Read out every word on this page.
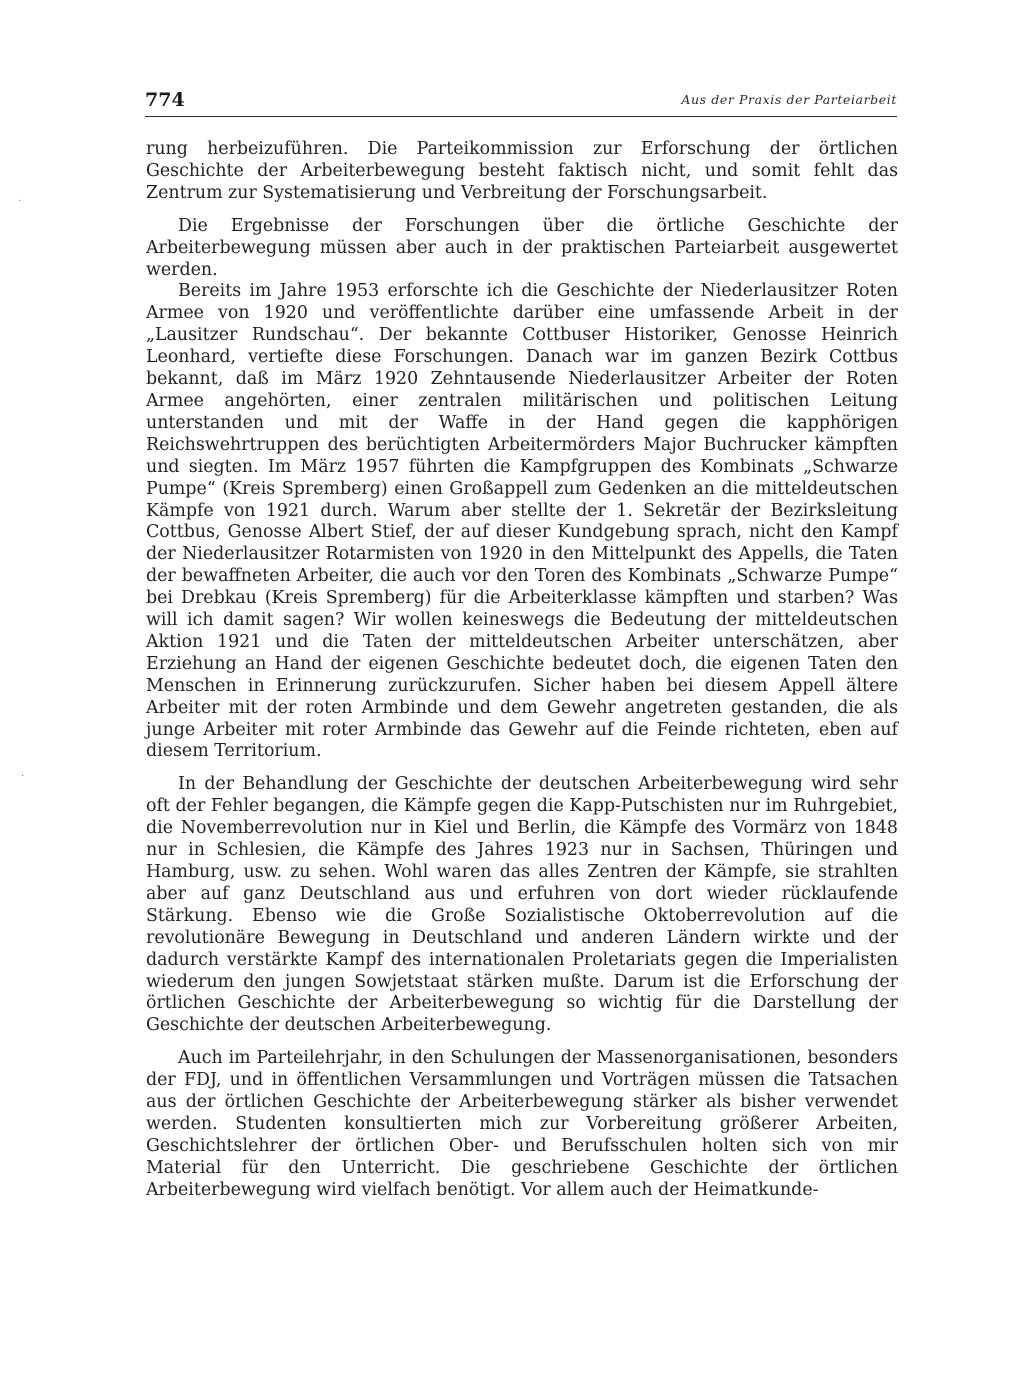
774	Aus der Praxis der Parteiarbeit
·
·

rung herbeizuführen. Die Parteikommission zur Erforschung der örtlichen Geschichte der Arbeiterbewegung besteht faktisch nicht, und somit fehlt das Zentrum zur Systematisierung und Verbreitung der Forschungsarbeit.

Die Ergebnisse der Forschungen über die örtliche Geschichte der Arbeiterbewegung müssen aber auch in der praktischen Parteiarbeit ausgewertet werden.

Bereits im Jahre 1953 erforschte ich die Geschichte der Niederlausitzer Roten Armee von 1920 und veröffentlichte darüber eine umfassende Arbeit in der „Lausitzer Rundschau“. Der bekannte Cottbuser Historiker, Genosse Heinrich Leonhard, vertiefte diese Forschungen. Danach war im ganzen Bezirk Cottbus bekannt, daß im März 1920 Zehntausende Niederlausitzer Arbeiter der Roten Armee angehörten, einer zentralen militärischen und politischen Leitung unterstanden und mit der Waffe in der Hand gegen die kapphörigen Reichswehrtruppen des berüchtigten Arbeitermörders Major Buchrucker kämpften und siegten. Im März 1957 führten die Kampfgruppen des Kombinats „Schwarze Pumpe“ (Kreis Spremberg) einen Großappell zum Gedenken an die mitteldeutschen Kämpfe von 1921 durch. Warum aber stellte der 1. Sekretär der Bezirksleitung Cottbus, Genosse Albert Stief, der auf dieser Kundgebung sprach, nicht den Kampf der Niederlausitzer Rotarmisten von 1920 in den Mittelpunkt des Appells, die Taten der bewaffneten Arbeiter, die auch vor den Toren des Kombinats „Schwarze Pumpe“ bei Drebkau (Kreis Spremberg) für die Arbeiterklasse kämpften und starben? Was will ich damit sagen? Wir wollen keineswegs die Bedeutung der mitteldeutschen Aktion 1921 und die Taten der mitteldeutschen Arbeiter unterschätzen, aber Erziehung an Hand der eigenen Geschichte bedeutet doch, die eigenen Taten den Menschen in Erinnerung zurückzurufen. Sicher haben bei diesem Appell ältere Arbeiter mit der roten Armbinde und dem Gewehr angetreten gestanden, die als junge Arbeiter mit roter Armbinde das Gewehr auf die Feinde richteten, eben auf diesem Territorium.

In der Behandlung der Geschichte der deutschen Arbeiterbewegung wird sehr oft der Fehler begangen, die Kämpfe gegen die Kapp-Putschisten nur im Ruhrgebiet, die Novemberrevolution nur in Kiel und Berlin, die Kämpfe des Vormärz von 1848 nur in Schlesien, die Kämpfe des Jahres 1923 nur in Sachsen, Thüringen und Hamburg, usw. zu sehen. Wohl waren das alles Zentren der Kämpfe, sie strahlten aber auf ganz Deutschland aus und erfuhren von dort wieder rücklaufende Stärkung. Ebenso wie die Große Sozialistische Oktoberrevolution auf die revolutionäre Bewegung in Deutschland und anderen Ländern wirkte und der dadurch verstärkte Kampf des internationalen Proletariats gegen die Imperialisten wiederum den jungen Sowjetstaat stärken mußte. Darum ist die Erforschung der örtlichen Geschichte der Arbeiterbewegung so wichtig für die Darstellung der Geschichte der deutschen Arbeiterbewegung.

Auch im Parteilehrjahr, in den Schulungen der Massenorganisationen, besonders der FDJ, und in öffentlichen Versammlungen und Vorträgen müssen die Tatsachen aus der örtlichen Geschichte der Arbeiterbewegung stärker als bisher verwendet werden. Studenten konsultierten mich zur Vorbereitung größerer Arbeiten, Geschichtslehrer der örtlichen Ober- und Berufsschulen holten sich von mir Material für den Unterricht. Die geschriebene Geschichte der örtlichen Arbeiterbewegung wird vielfach benötigt. Vor allem auch der Heimatkunde-
